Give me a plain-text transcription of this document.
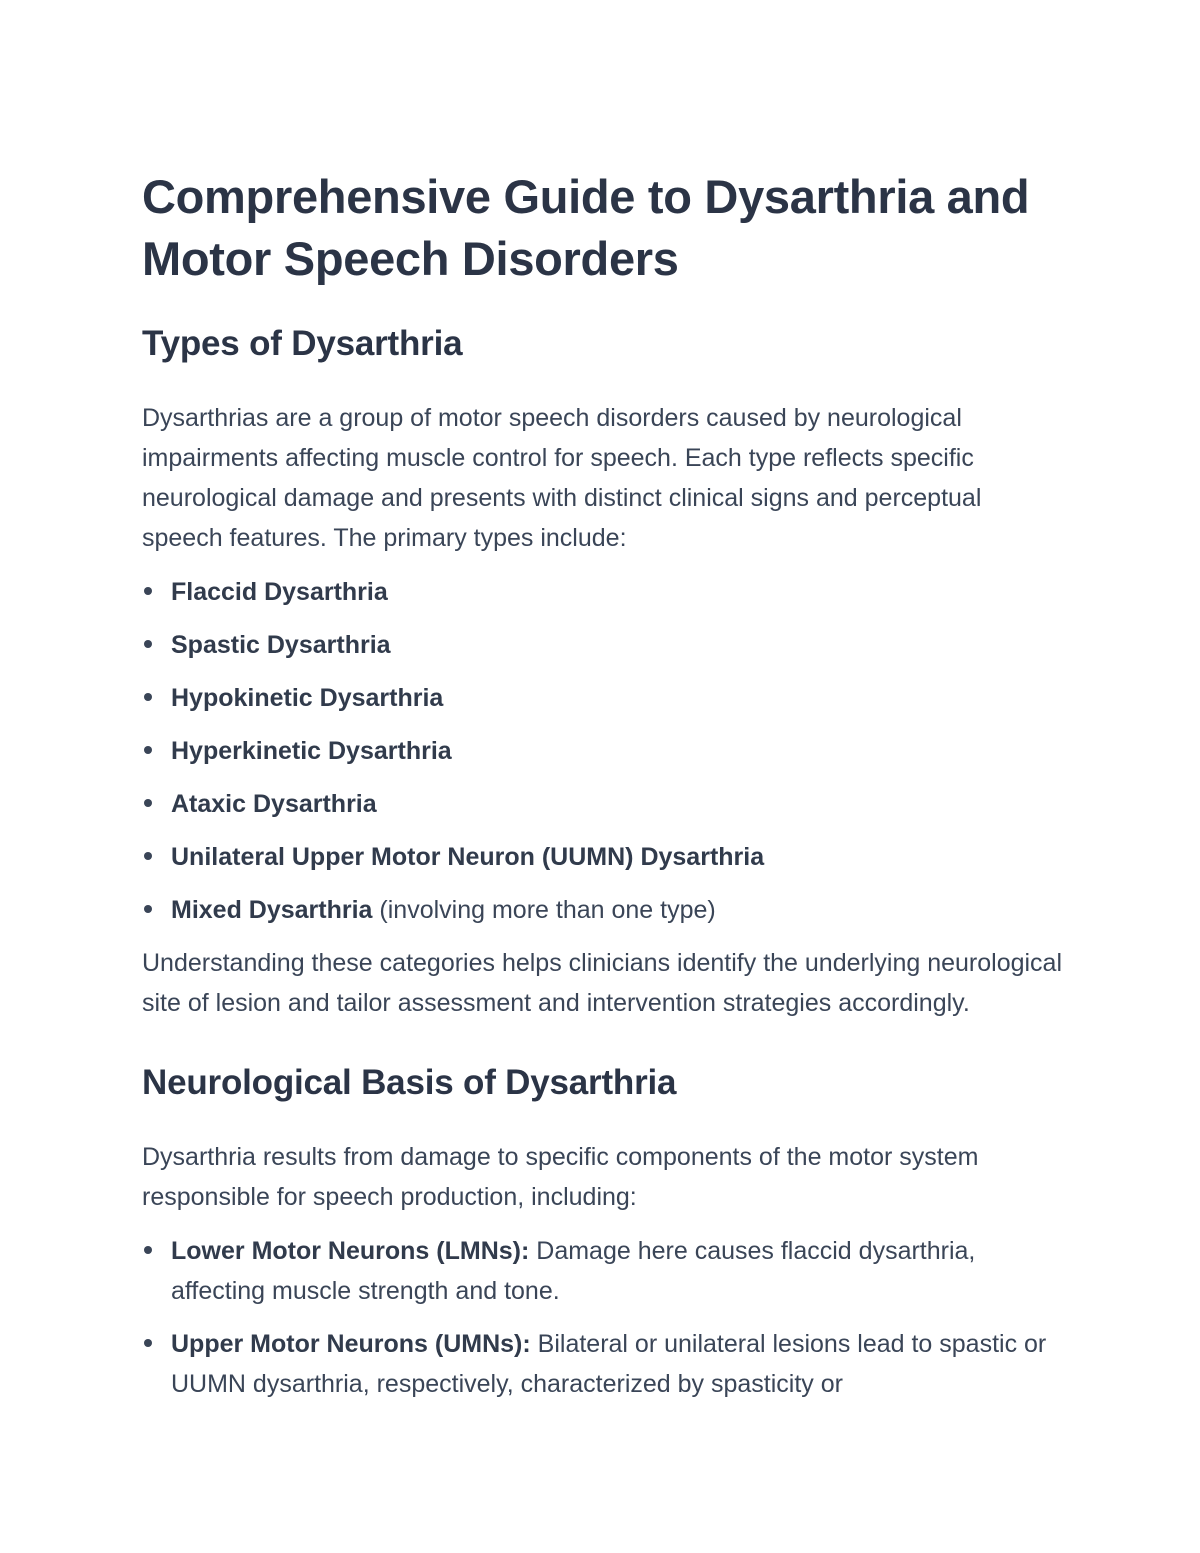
Comprehensive Guide to Dysarthria and Motor Speech Disorders
Types of Dysarthria

Dysarthrias are a group of motor speech disorders caused by neurological impairments affecting muscle control for speech. Each type reflects specific neurological damage and presents with distinct clinical signs and perceptual speech features. The primary types include:

Flaccid Dysarthria
Spastic Dysarthria
Hypokinetic Dysarthria
Hyperkinetic Dysarthria
Ataxic Dysarthria
Unilateral Upper Motor Neuron (UUMN) Dysarthria
Mixed Dysarthria (involving more than one type)

Understanding these categories helps clinicians identify the underlying neurological site of lesion and tailor assessment and intervention strategies accordingly.

Neurological Basis of Dysarthria

Dysarthria results from damage to specific components of the motor system responsible for speech production, including:

Lower Motor Neurons (LMNs): Damage here causes flaccid dysarthria, affecting muscle strength and tone.
Upper Motor Neurons (UMNs): Bilateral or unilateral lesions lead to spastic or UUMN dysarthria, respectively, characterized by spasticity or
